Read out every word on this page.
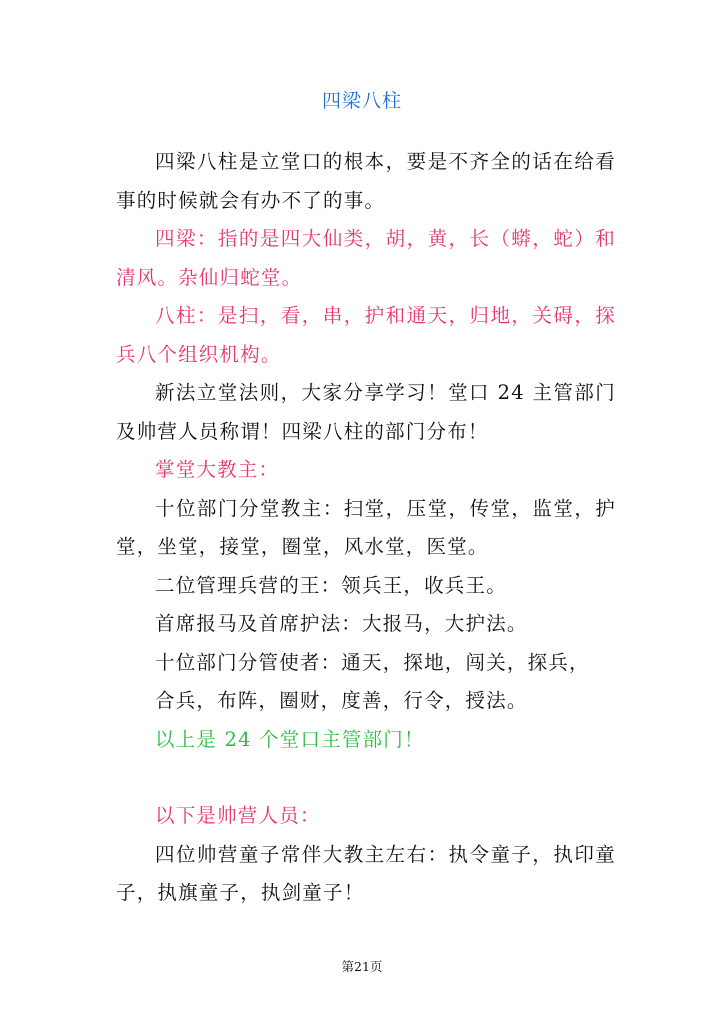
四梁八柱

四梁八柱是立堂口的根本，要是不齐全的话在给看事的时候就会有办不了的事。

四梁：指的是四大仙类，胡，黄，长（蟒，蛇）和清风。杂仙归蛇堂。

八柱：是扫，看，串，护和通天，归地，关碍，探兵八个组织机构。

新法立堂法则，大家分享学习！堂口 24 主管部门及帅营人员称谓！四梁八柱的部门分布！

掌堂大教主：

十位部门分堂教主：扫堂，压堂，传堂，监堂，护堂，坐堂，接堂，圈堂，风水堂，医堂。

二位管理兵营的王：领兵王，收兵王。

首席报马及首席护法：大报马，大护法。

十位部门分管使者：通天，探地，闯关，探兵，

合兵，布阵，圈财，度善，行令，授法。

以上是 24 个堂口主管部门！

以下是帅营人员：

四位帅营童子常伴大教主左右：执令童子，执印童子，执旗童子，执剑童子！

第21页
